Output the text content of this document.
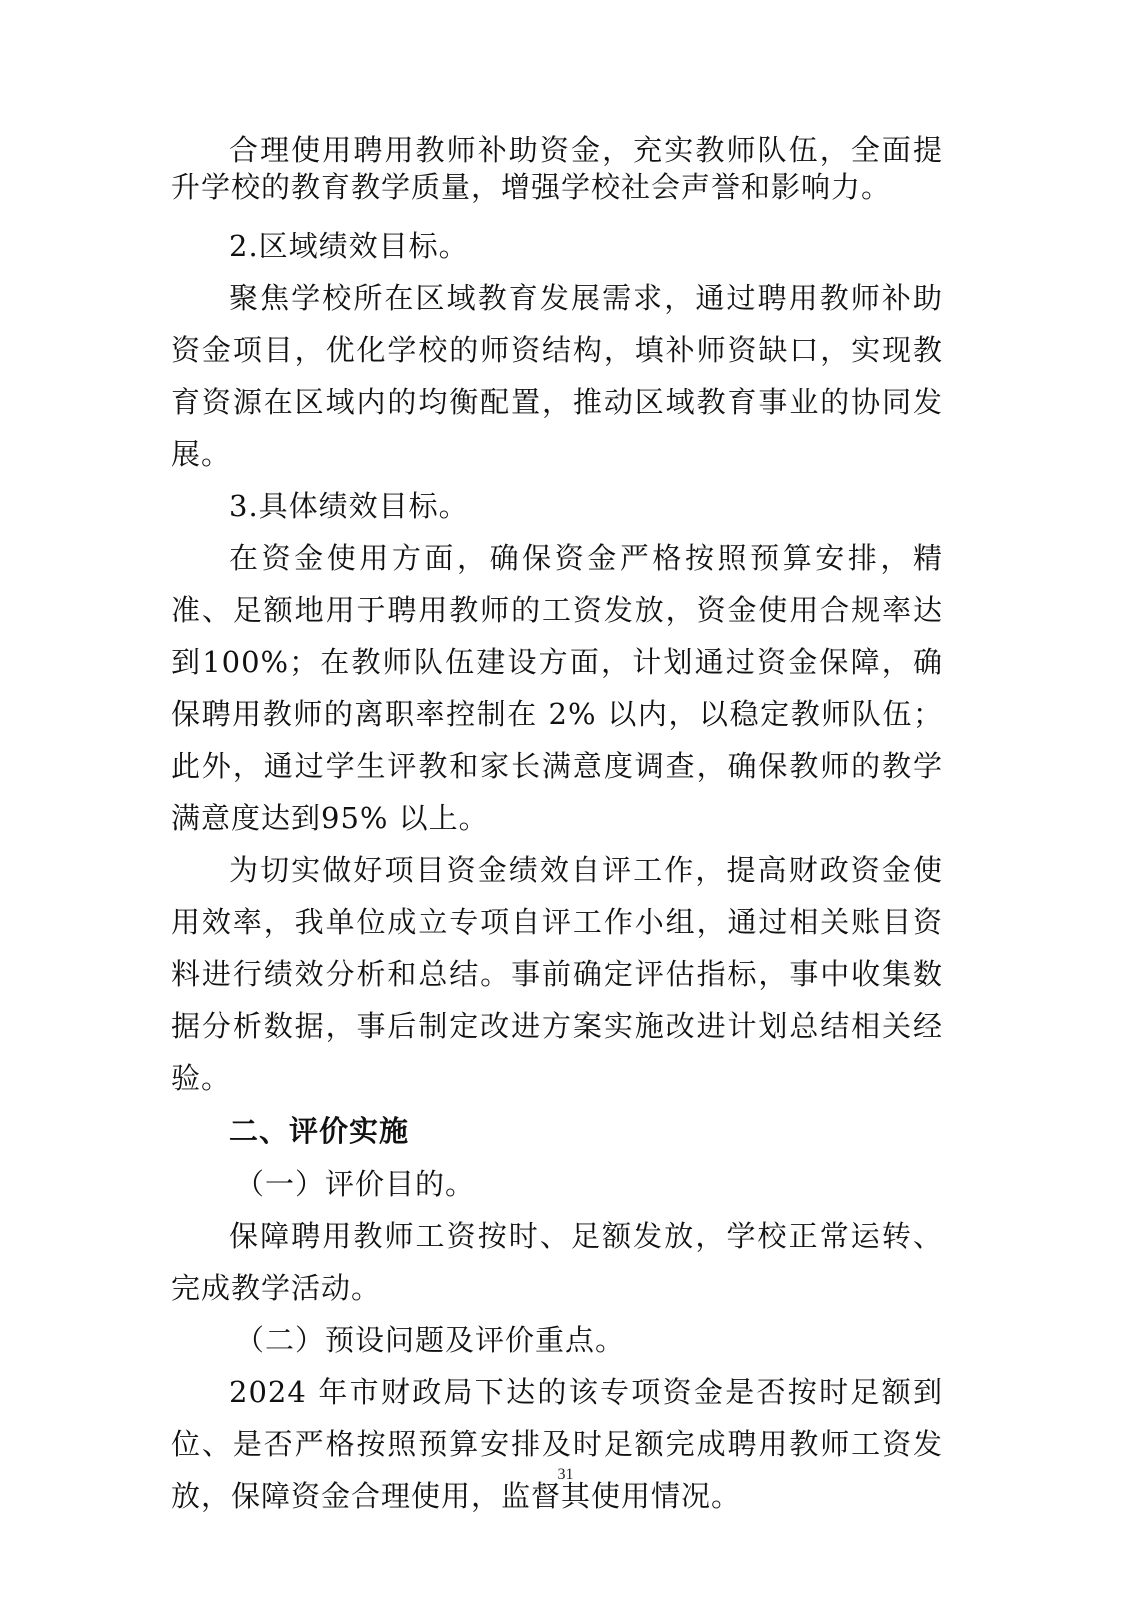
合理使用聘用教师补助资金，充实教师队伍，全面提升学校的教育教学质量，增强学校社会声誉和影响力。

2.区域绩效目标。

聚焦学校所在区域教育发展需求，通过聘用教师补助资金项目，优化学校的师资结构，填补师资缺口，实现教育资源在区域内的均衡配置，推动区域教育事业的协同发展。

3.具体绩效目标。

在资金使用方面，确保资金严格按照预算安排，精准、足额地用于聘用教师的工资发放，资金使用合规率达到100%；在教师队伍建设方面，计划通过资金保障，确保聘用教师的离职率控制在 2% 以内，以稳定教师队伍；此外，通过学生评教和家长满意度调查，确保教师的教学满意度达到95% 以上。

为切实做好项目资金绩效自评工作，提高财政资金使用效率，我单位成立专项自评工作小组，通过相关账目资料进行绩效分析和总结。事前确定评估指标，事中收集数据分析数据，事后制定改进方案实施改进计划总结相关经验。

二、评价实施

（一）评价目的。

保障聘用教师工资按时、足额发放，学校正常运转、完成教学活动。

（二）预设问题及评价重点。

2024 年市财政局下达的该专项资金是否按时足额到位、是否严格按照预算安排及时足额完成聘用教师工资发放，保障资金合理使用，监督其使用情况。

31
